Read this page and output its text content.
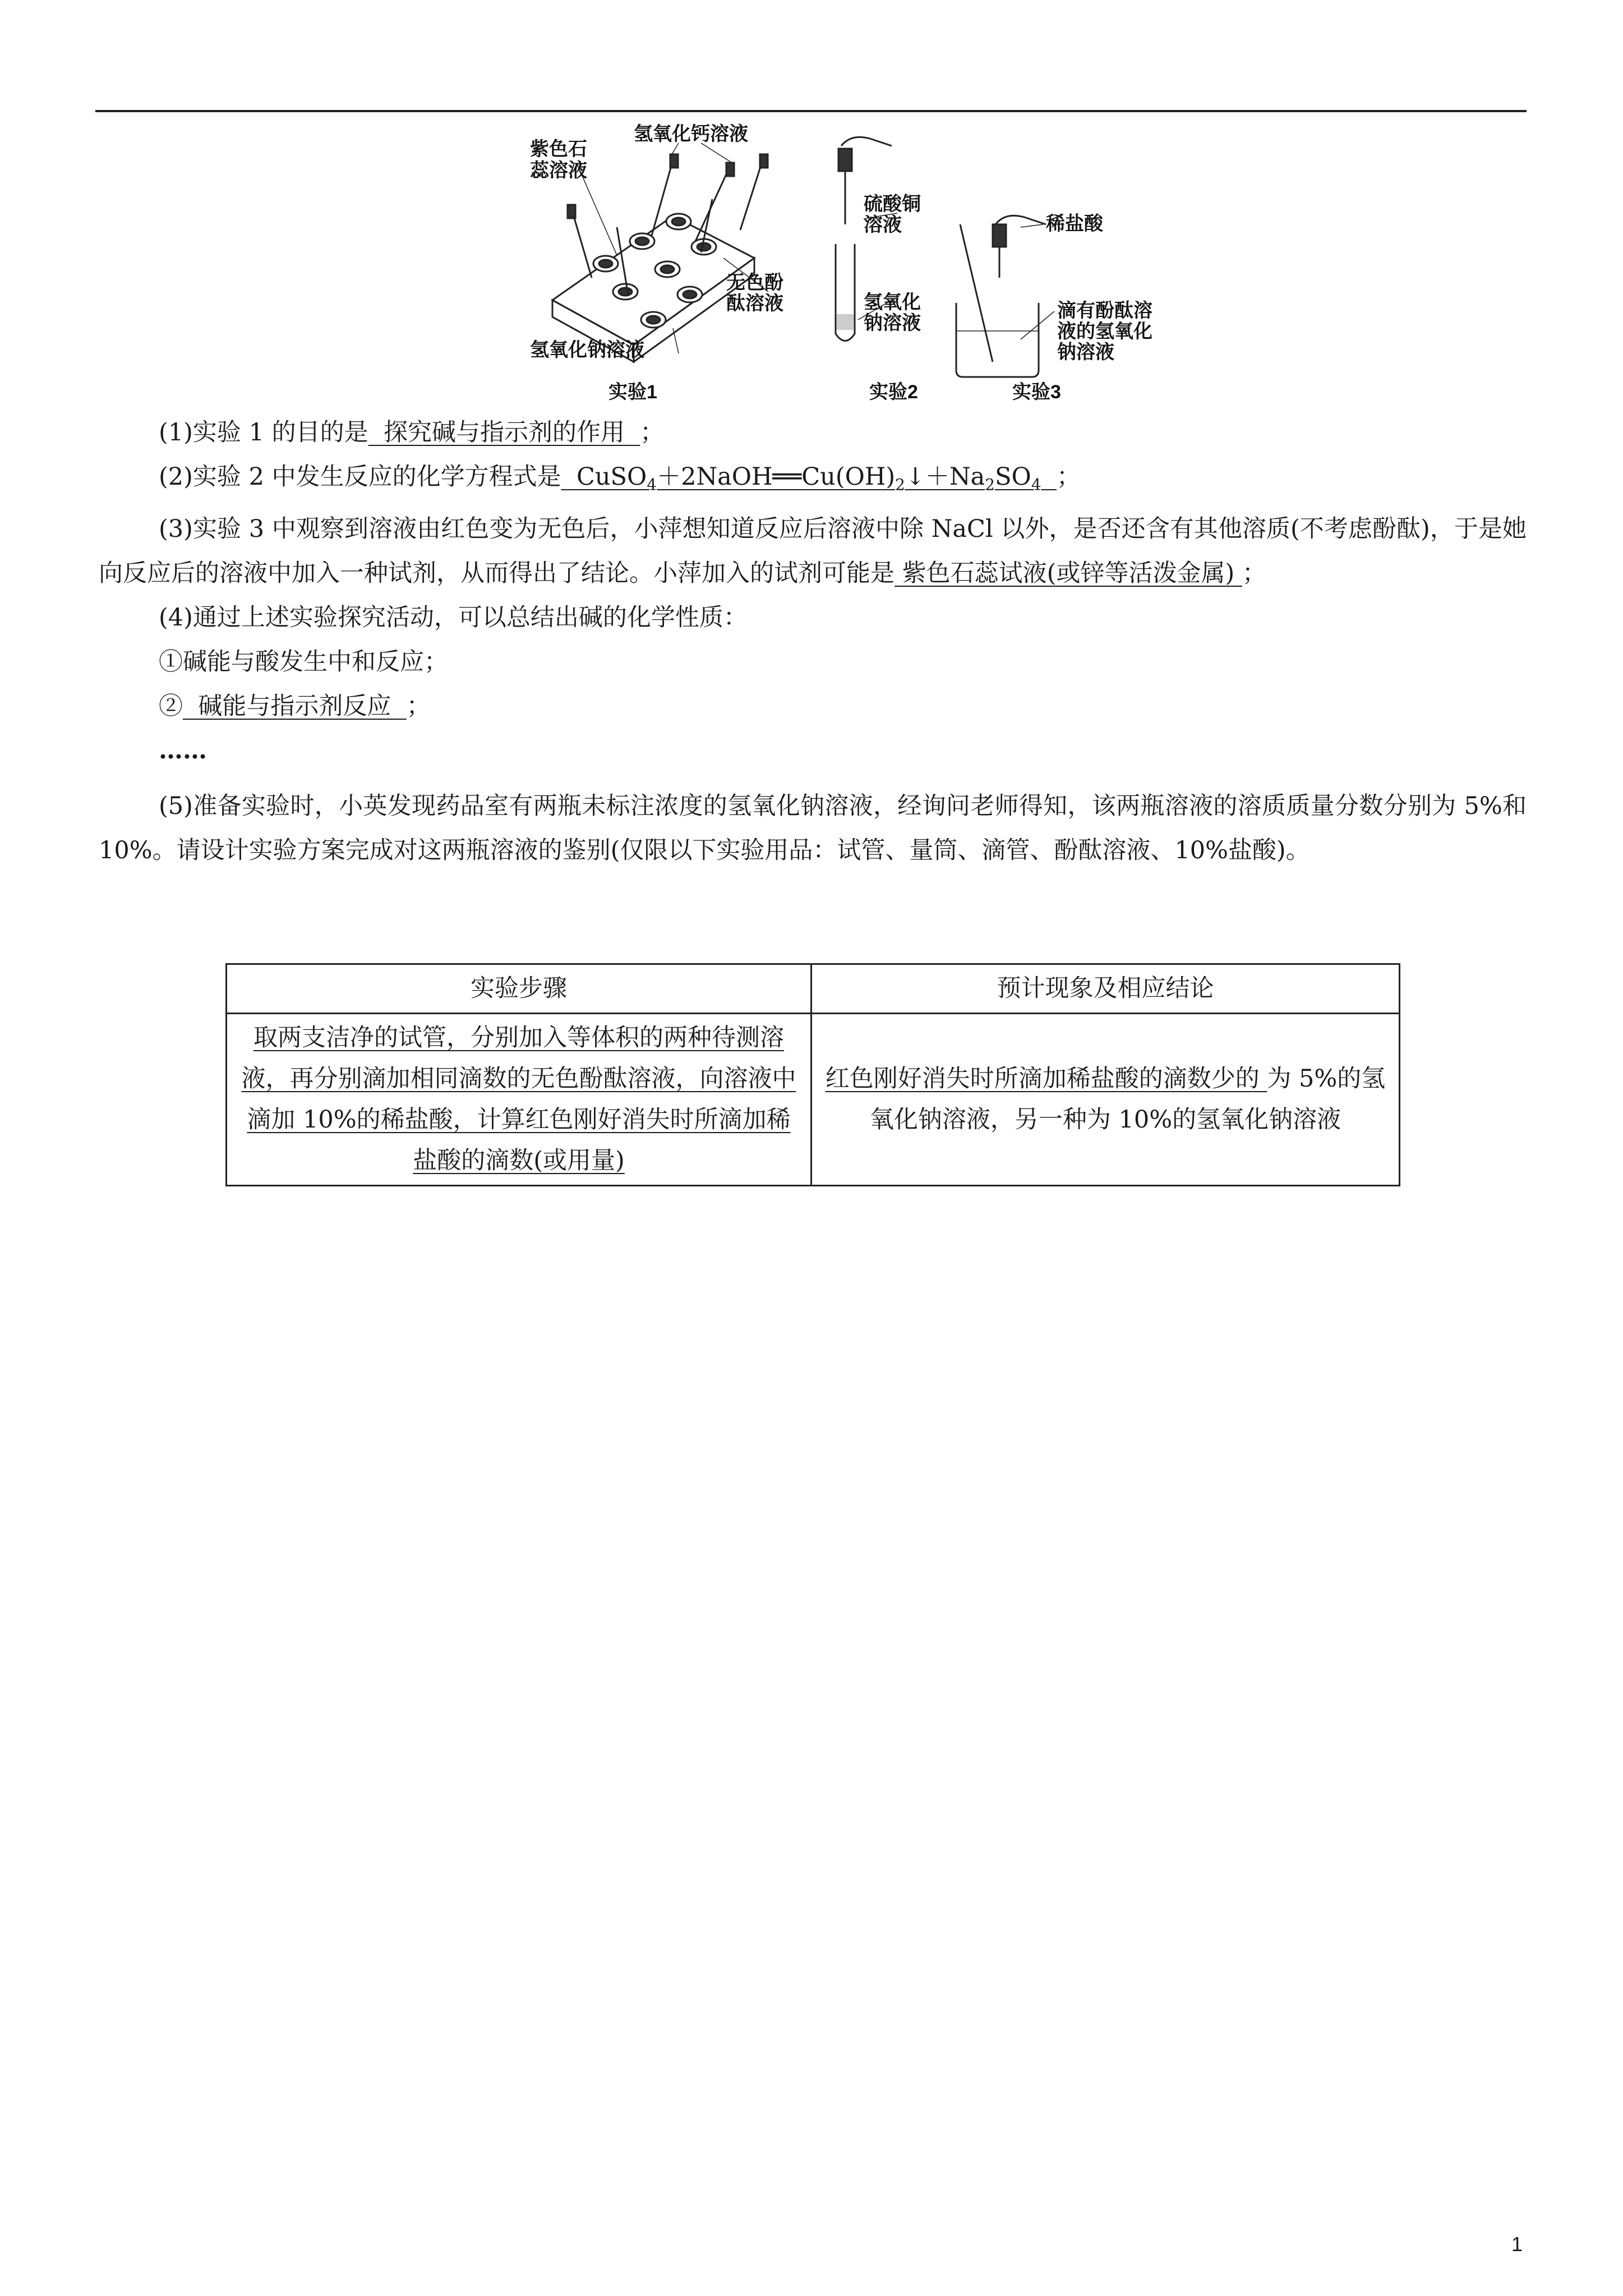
紫色石
蕊溶液
氢氧化钙溶液
无色酚
酞溶液
氢氧化钠溶液
实验1
硫酸铜
溶液
氢氧化
钠溶液
实验2
稀盐酸
滴有酚酞溶
液的氢氧化
钠溶液
实验3

(1)实验 1 的目的是  探究碱与指示剂的作用  ；

(2)实验 2 中发生反应的化学方程式是  $CuSO_4+2NaOH══Cu(OH)_2↓+Na_2SO_4$ ；

(3)实验 3 中观察到溶液由红色变为无色后，小萍想知道反应后溶液中除 NaCl 以外，是否还含有其他溶质(不考虑酚酞)，于是她向反应后的溶液中加入一种试剂，从而得出了结论。小萍加入的试剂可能是 紫色石蕊试液(或锌等活泼金属) ；

(4)通过上述实验探究活动，可以总结出碱的化学性质：

①碱能与酸发生中和反应；

②  碱能与指示剂反应  ；

……

(5)准备实验时，小英发现药品室有两瓶未标注浓度的氢氧化钠溶液，经询问老师得知，该两瓶溶液的溶质质量分数分别为 5%和 10%。请设计实验方案完成对这两瓶溶液的鉴别(仅限以下实验用品：试管、量筒、滴管、酚酞溶液、10%盐酸)。

实验步骤	预计现象及相应结论
取两支洁净的试管，分别加入等体积的两种待测溶液，再分别滴加相同滴数的无色酚酞溶液，向溶液中滴加 10%的稀盐酸，计算红色刚好消失时所滴加稀盐酸的滴数(或用量)	红色刚好消失时所滴加稀盐酸的滴数少的 为 5%的氢氧化钠溶液，另一种为 10%的氢氧化钠溶液
1
